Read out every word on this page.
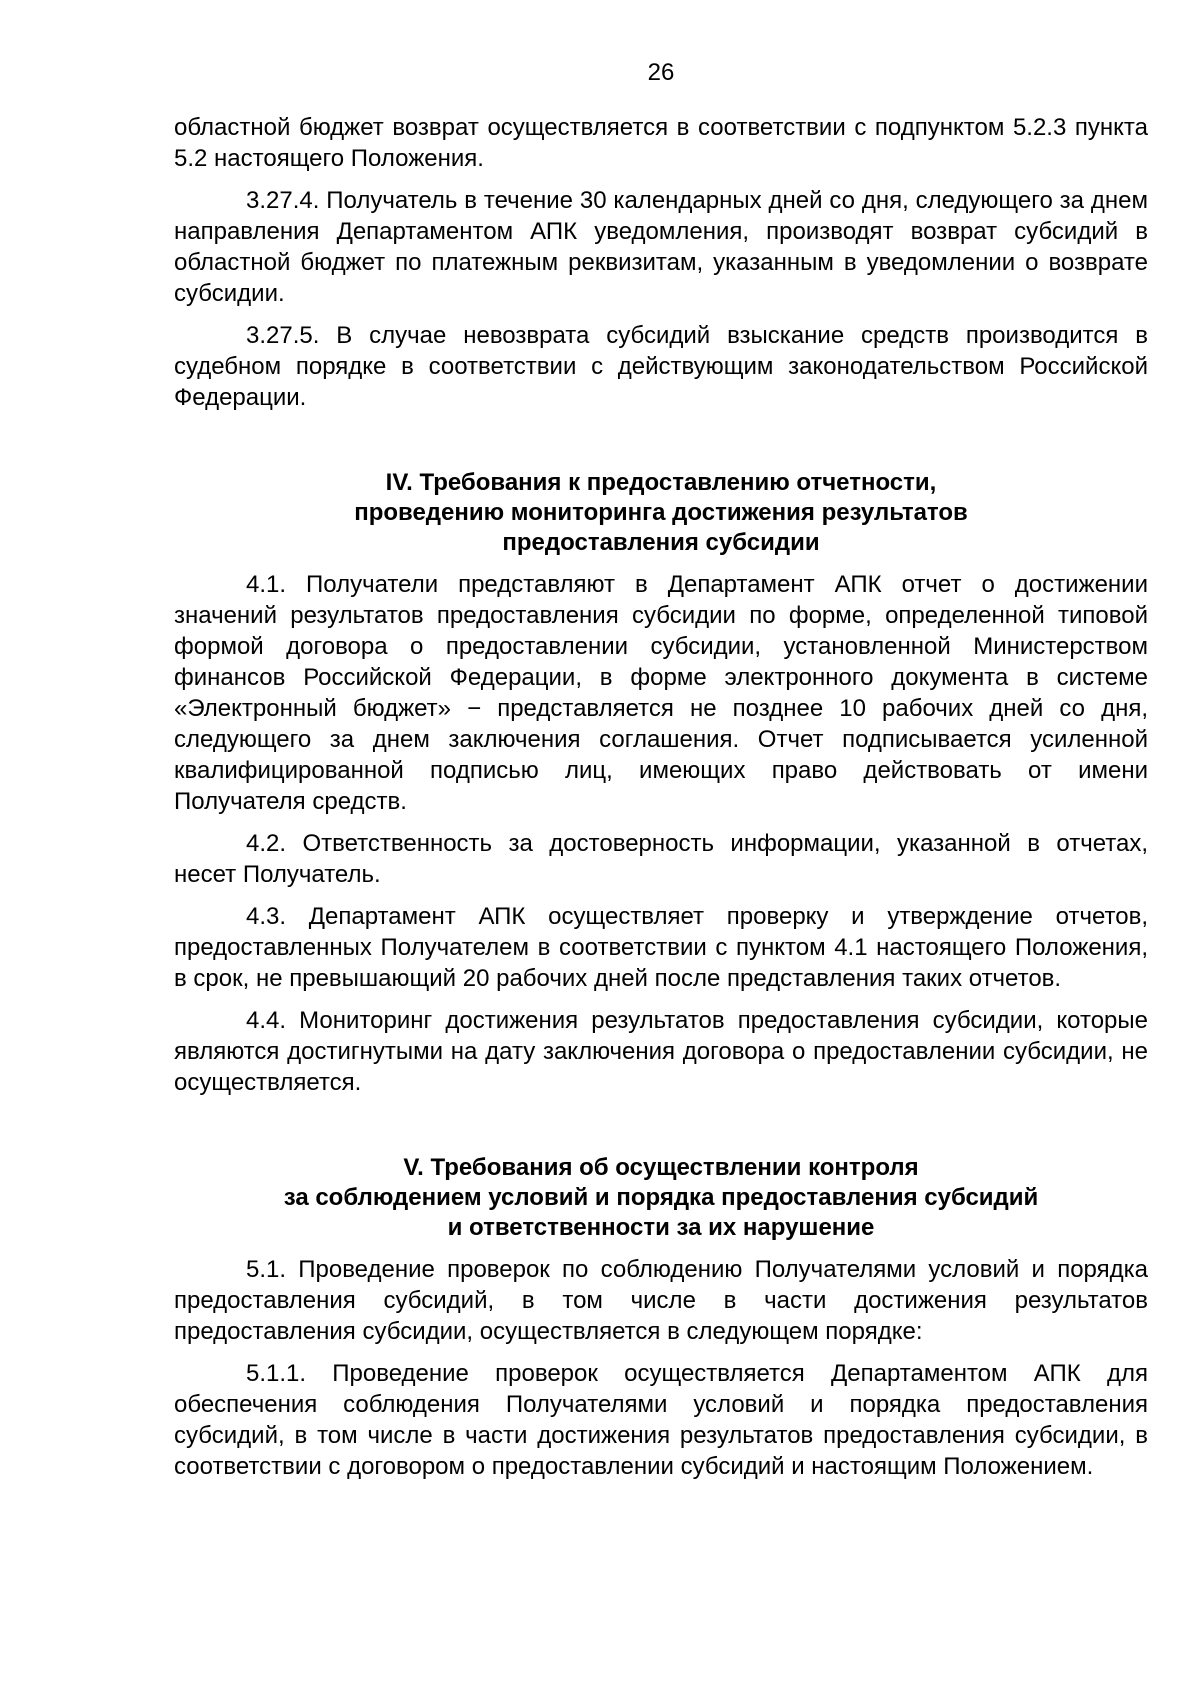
26

областной бюджет возврат осуществляется в соответствии с подпунктом 5.2.3 пункта 5.2 настоящего Положения.

3.27.4. Получатель в течение 30 календарных дней со дня, следующего за днем направления Департаментом АПК уведомления, производят возврат субсидий в областной бюджет по платежным реквизитам, указанным в уведомлении о возврате субсидии.

3.27.5. В случае невозврата субсидий взыскание средств производится в судебном порядке в соответствии с действующим законодательством Российской Федерации.

IV. Требования к предоставлению отчетности,
проведению мониторинга достижения результатов
предоставления субсидии

4.1. Получатели представляют в Департамент АПК отчет о достижении значений результатов предоставления субсидии по форме, определенной типовой формой договора о предоставлении субсидии, установленной Министерством финансов Российской Федерации, в форме электронного документа в системе «Электронный бюджет» − представляется не позднее 10 рабочих дней со дня, следующего за днем заключения соглашения. Отчет подписывается усиленной квалифицированной подписью лиц, имеющих право действовать от имени Получателя средств.

4.2. Ответственность за достоверность информации, указанной в отчетах, несет Получатель.

4.3. Департамент АПК осуществляет проверку и утверждение отчетов, предоставленных Получателем в соответствии с пунктом 4.1 настоящего Положения, в срок, не превышающий 20 рабочих дней после представления таких отчетов.

4.4. Мониторинг достижения результатов предоставления субсидии, которые являются достигнутыми на дату заключения договора о предоставлении субсидии, не осуществляется.

V. Требования об осуществлении контроля
за соблюдением условий и порядка предоставления субсидий
и ответственности за их нарушение

5.1. Проведение проверок по соблюдению Получателями условий и порядка предоставления субсидий, в том числе в части достижения результатов предоставления субсидии, осуществляется в следующем порядке:

5.1.1. Проведение проверок осуществляется Департаментом АПК для обеспечения соблюдения Получателями условий и порядка предоставления субсидий, в том числе в части достижения результатов предоставления субсидии, в соответствии с договором о предоставлении субсидий и настоящим Положением.
